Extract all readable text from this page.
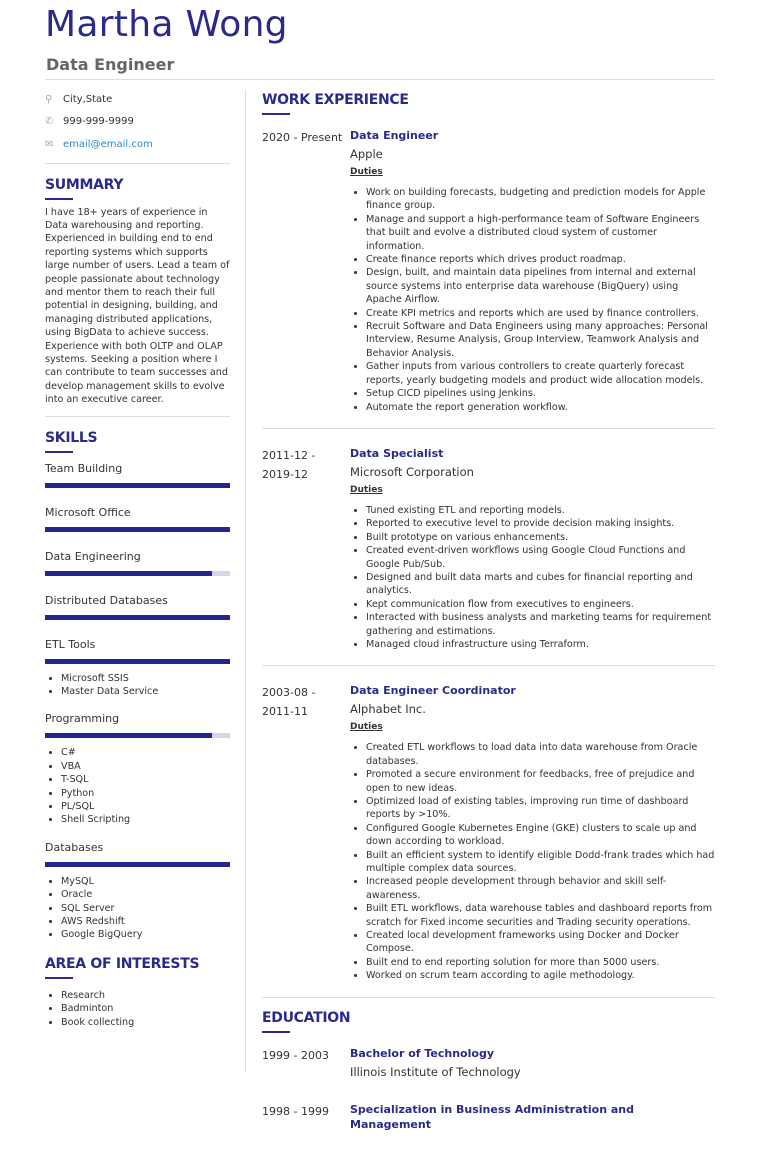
Martha Wong
Data Engineer
⚲	City,State
✆ 999-999-9999
✉ email@email.com
SUMMARY

I have 18+ years of experience in Data warehousing and reporting. Experienced in building end to end reporting systems which supports large number of users. Lead a team of people passionate about technology and mentor them to reach their full potential in designing, building, and managing distributed applications, using BigData to achieve success. Experience with both OLTP and OLAP systems. Seeking a position where I can contribute to team successes and develop management skills to evolve into an executive career.

SKILLS
Team Building
Microsoft Office
Data Engineering
Distributed Databases
ETL Tools
• Microsoft SSIS
• Master Data Service
Programming
• C#
• VBA
• T-SQL
• Python
• PL/SQL
• Shell Scripting
Databases
• MySQL
• Oracle
• SQL Server
• AWS Redshift
• Google BigQuery
AREA OF INTERESTS
• Research
• Badminton
• Book collecting
WORK EXPERIENCE
2020 - Present Data Engineer
Apple
Duties
• Work on building forecasts, budgeting and prediction models for Apple finance group.
• Manage and support a high-performance team of Software Engineers that built and evolve a distributed cloud system of customer information.
• Create finance reports which drives product roadmap.
• Design, built, and maintain data pipelines from internal and external source systems into enterprise data warehouse (BigQuery) using Apache Airflow.
• Create KPI metrics and reports which are used by finance controllers.
• Recruit Software and Data Engineers using many approaches: Personal Interview, Resume Analysis, Group Interview, Teamwork Analysis and Behavior Analysis.
• Gather inputs from various controllers to create quarterly forecast reports, yearly budgeting models and product wide allocation models.
• Setup CICD pipelines using Jenkins.
• Automate the report generation workflow.
2011-12 -
2019-12
Data Specialist
Microsoft Corporation
Duties
• Tuned existing ETL and reporting models.
• Reported to executive level to provide decision making insights.
• Built prototype on various enhancements.
• Created event-driven workflows using Google Cloud Functions and Google Pub/Sub.
• Designed and built data marts and cubes for financial reporting and analytics.
• Kept communication flow from executives to engineers.
• Interacted with business analysts and marketing teams for requirement gathering and estimations.
• Managed cloud infrastructure using Terraform.
2003-08 -
2011-11
Data Engineer Coordinator
Alphabet Inc.
Duties
• Created ETL workflows to load data into data warehouse from Oracle databases.
• Promoted a secure environment for feedbacks, free of prejudice and open to new ideas.
• Optimized load of existing tables, improving run time of dashboard reports by >10%.
• Configured Google Kubernetes Engine (GKE) clusters to scale up and down according to workload.
• Built an efficient system to identify eligible Dodd-frank trades which had multiple complex data sources.
• Increased people development through behavior and skill self-awareness.
• Built ETL workflows, data warehouse tables and dashboard reports from scratch for Fixed income securities and Trading security operations.
• Created local development frameworks using Docker and Docker Compose.
• Built end to end reporting solution for more than 5000 users.
• Worked on scrum team according to agile methodology.
EDUCATION
1999 - 2003	Bachelor of Technology
Illinois Institute of Technology
1998 - 1999	Specialization in Business Administration and Management
